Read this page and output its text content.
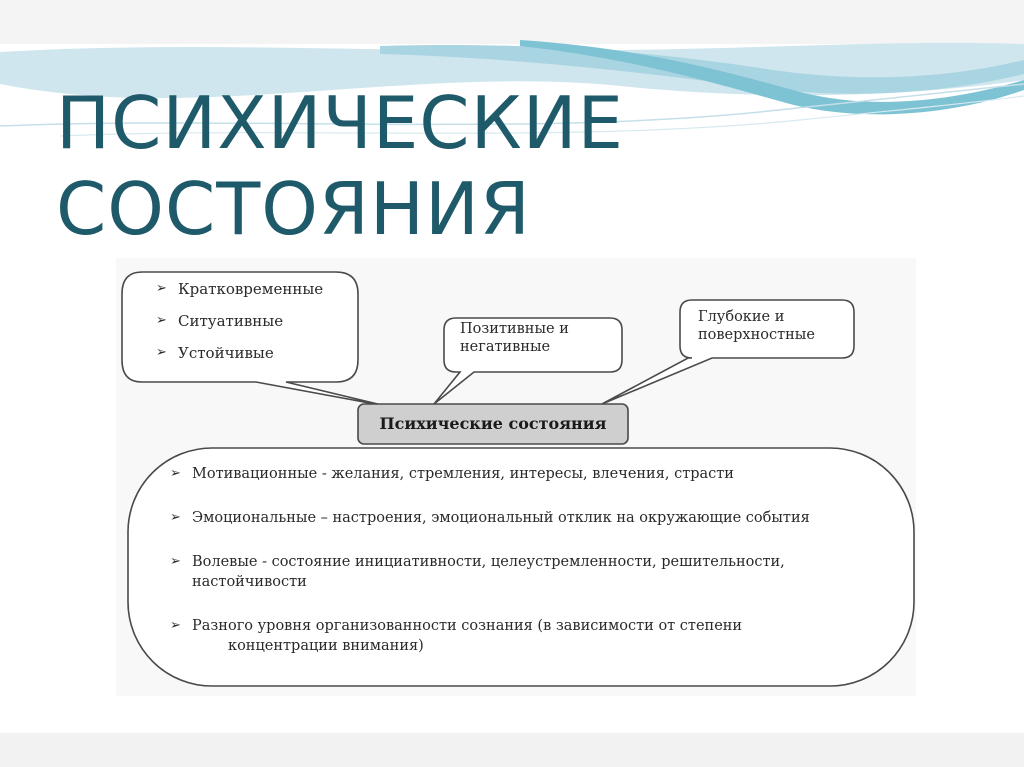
ПСИХИЧЕСКИЕ
СОСТОЯНИЯ
➢ Кратковременные
➢ Ситуативные
➢ Устойчивые
Позитивные и негативные
Глубокие и поверхностные
Психические состояния
➢ Мотивационные - желания, стремления, интересы, влечения, страсти
➢ Эмоциональные – настроения, эмоциональный отклик на окружающие события
➢ Волевые - состояние инициативности, целеустремленности, решительности, настойчивости
➢ Разного уровня организованности сознания (в зависимости от степени
концентрации внимания)
